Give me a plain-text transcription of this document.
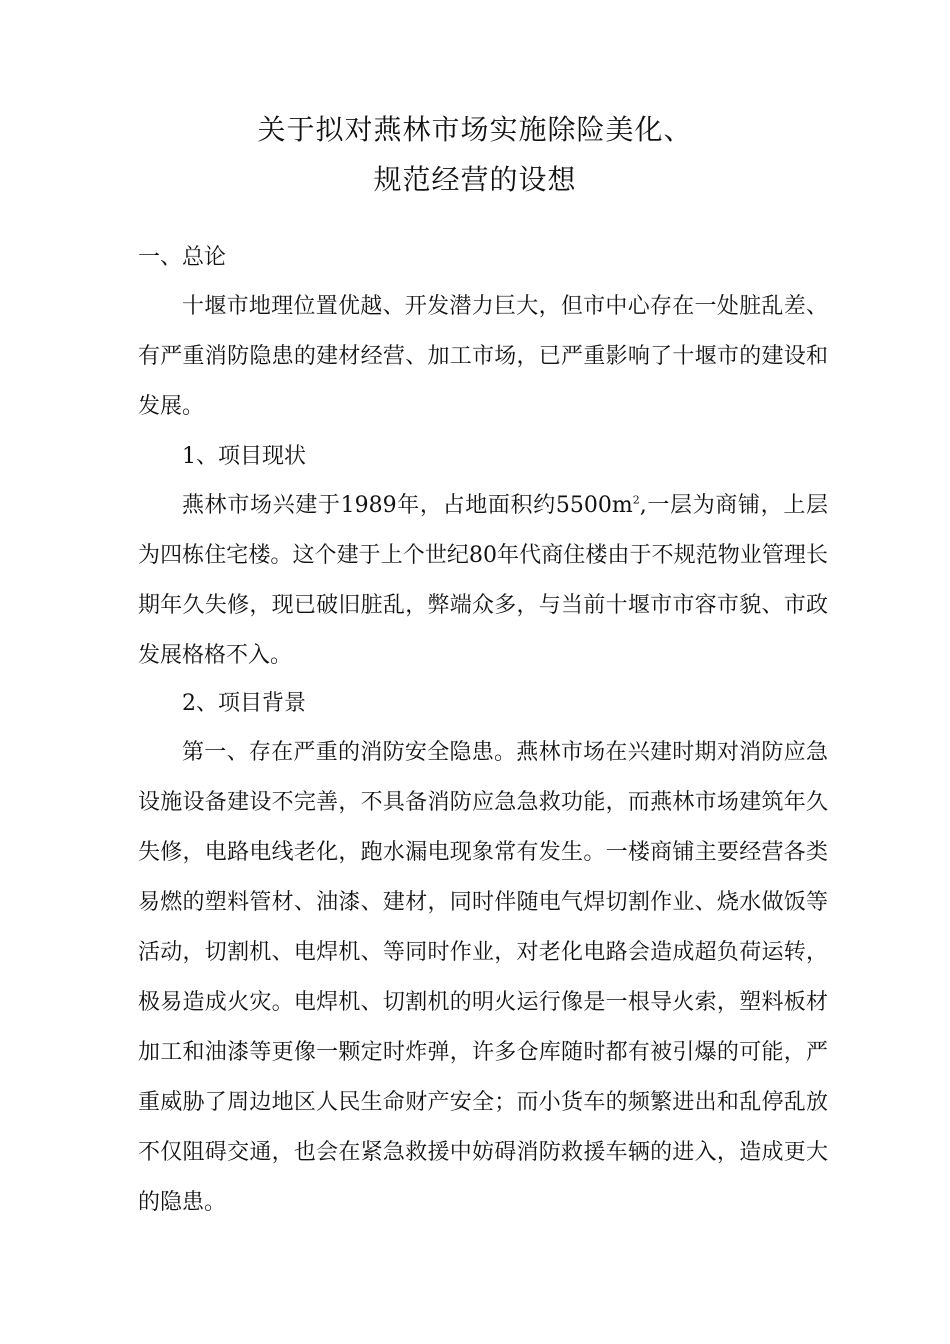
关于拟对燕林市场实施除险美化、
规范经营的设想
一、总论
十堰市地理位置优越、开发潜力巨大，但市中心存在一处脏乱差、有严重消防隐患的建材经营、加工市场，已严重影响了十堰市的建设和发展。
1、项目现状
燕林市场兴建于1989年，占地面积约$5500m^2$,一层为商铺，上层为四栋住宅楼。这个建于上个世纪80年代商住楼由于不规范物业管理长期年久失修，现已破旧脏乱，弊端众多，与当前十堰市市容市貌、市政发展格格不入。
2、项目背景
第一、存在严重的消防安全隐患。燕林市场在兴建时期对消防应急设施设备建设不完善，不具备消防应急急救功能，而燕林市场建筑年久失修，电路电线老化，跑水漏电现象常有发生。一楼商铺主要经营各类易燃的塑料管材、油漆、建材，同时伴随电气焊切割作业、烧水做饭等活动，切割机、电焊机、等同时作业，对老化电路会造成超负荷运转，极易造成火灾。电焊机、切割机的明火运行像是一根导火索，塑料板材加工和油漆等更像一颗定时炸弹，许多仓库随时都有被引爆的可能，严重威胁了周边地区人民生命财产安全；而小货车的频繁进出和乱停乱放不仅阻碍交通，也会在紧急救援中妨碍消防救援车辆的进入，造成更大的隐患。
